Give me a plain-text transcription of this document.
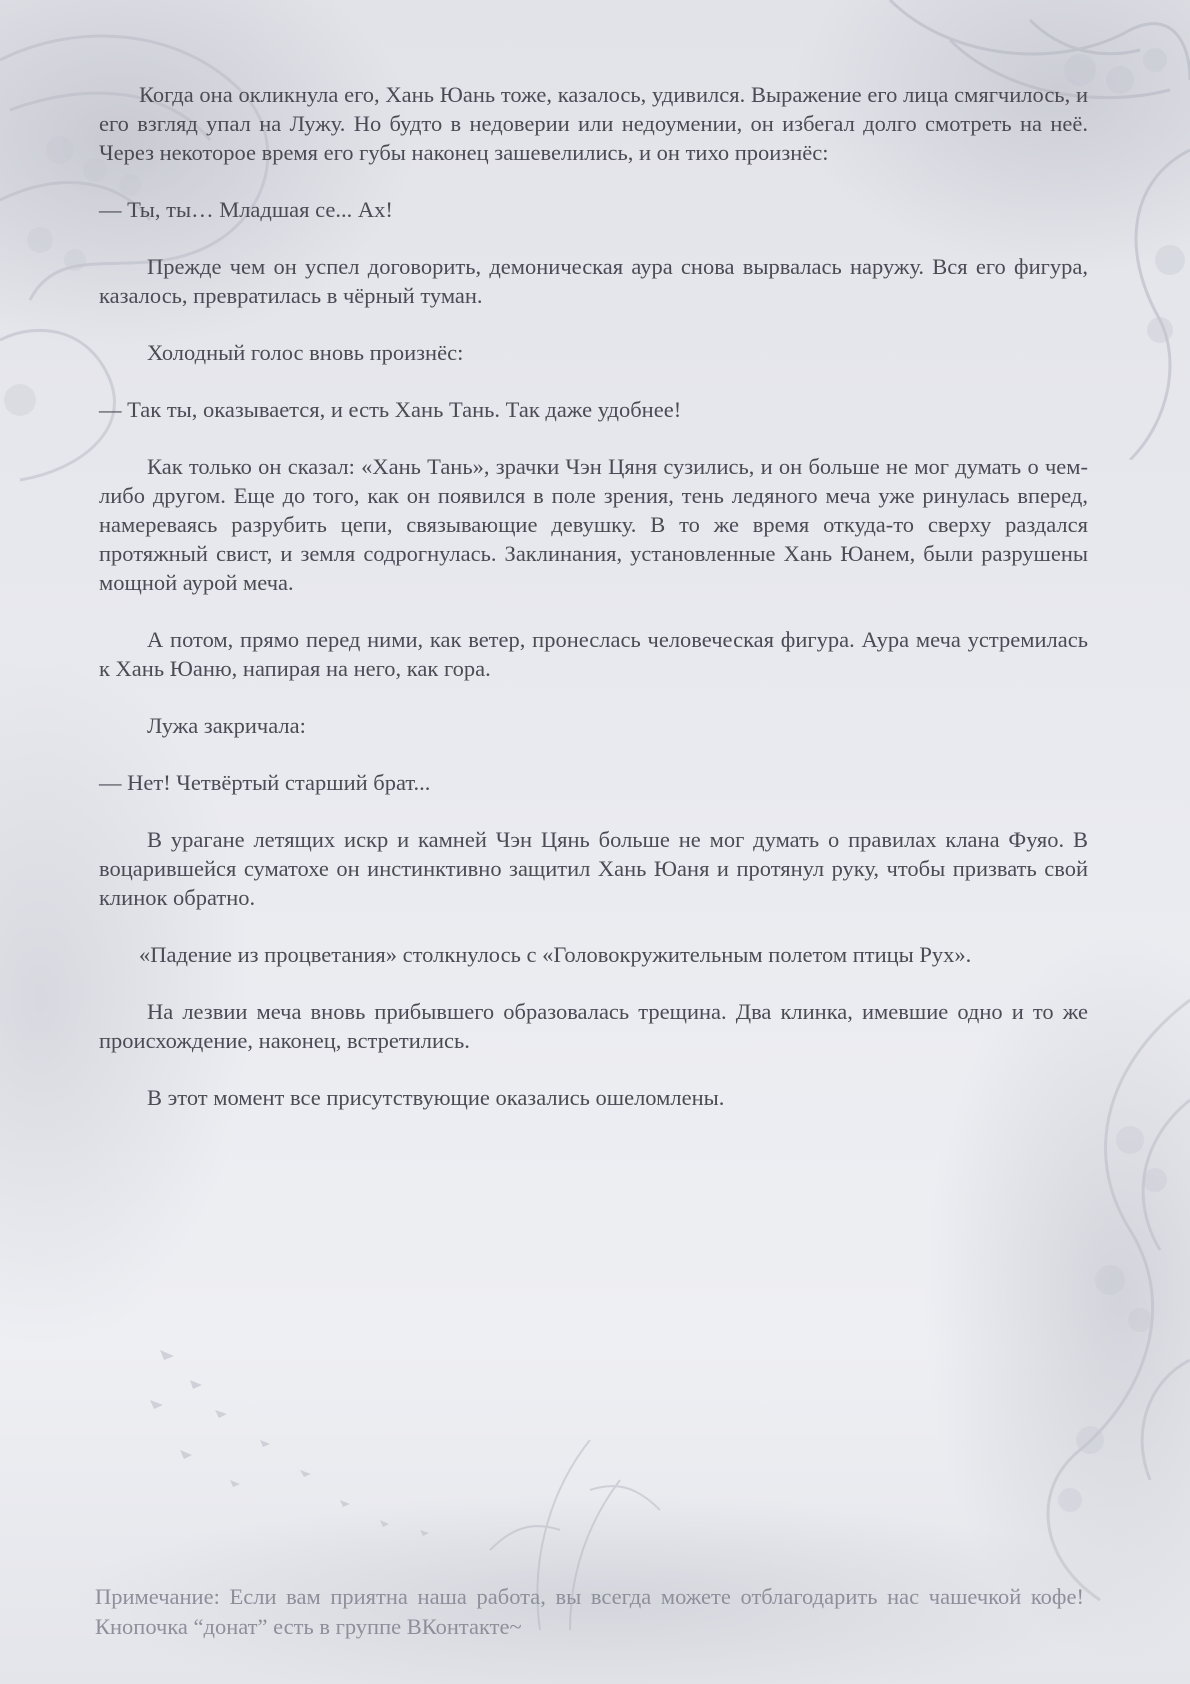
Когда она окликнула его, Хань Юань тоже, казалось, удивился. Выражение его лица смягчилось, и его взгляд упал на Лужу. Но будто в недоверии или недоумении, он избегал долго смотреть на неё. Через некоторое время его губы наконец зашевелились, и он тихо произнёс:

— Ты, ты… Младшая се... Ах!

Прежде чем он успел договорить, демоническая аура снова вырвалась наружу. Вся его фигура, казалось, превратилась в чёрный туман.

Холодный голос вновь произнёс:

— Так ты, оказывается, и есть Хань Тань. Так даже удобнее!

Как только он сказал: «Хань Тань», зрачки Чэн Цяня сузились, и он больше не мог думать о чем-либо другом. Еще до того, как он появился в поле зрения, тень ледяного меча уже ринулась вперед, намереваясь разрубить цепи, связывающие девушку. В то же время откуда-то сверху раздался протяжный свист, и земля содрогнулась. Заклинания, установленные Хань Юанем, были разрушены мощной аурой меча.

А потом, прямо перед ними, как ветер, пронеслась человеческая фигура. Аура меча устремилась к Хань Юаню, напирая на него, как гора.

Лужа закричала:

— Нет! Четвёртый старший брат...

В урагане летящих искр и камней Чэн Цянь больше не мог думать о правилах клана Фуяо. В воцарившейся суматохе он инстинктивно защитил Хань Юаня и протянул руку, чтобы призвать свой клинок обратно.

«Падение из процветания» столкнулось с «Головокружительным полетом птицы Рух».

На лезвии меча вновь прибывшего образовалась трещина. Два клинка, имевшие одно и то же происхождение, наконец, встретились.

В этот момент все присутствующие оказались ошеломлены.

Примечание: Если вам приятна наша работа, вы всегда можете отблагодарить нас чашечкой кофе! Кнопочка “донат” есть в группе ВКонтакте~
